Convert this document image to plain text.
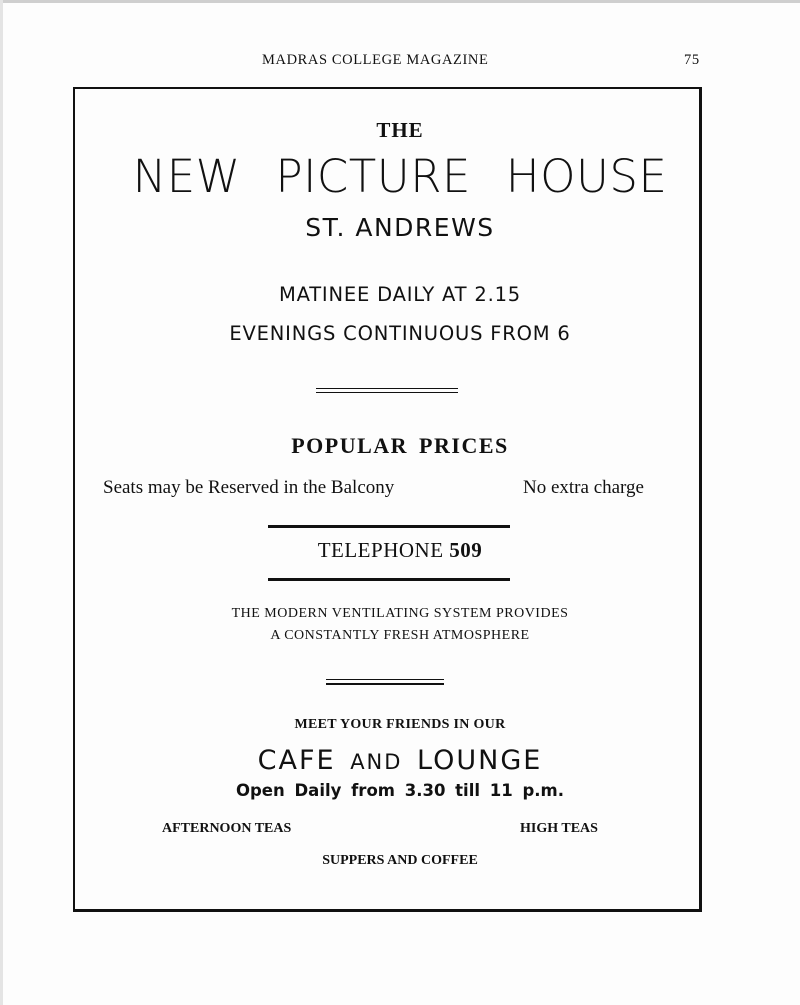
MADRAS COLLEGE MAGAZINE	75
THE
NEW PICTURE HOUSE
ST. ANDREWS
MATINEE DAILY AT 2.15
EVENINGS CONTINUOUS FROM 6
POPULAR PRICES
Seats may be Reserved in the Balcony	No extra charge
TELEPHONE 509
THE MODERN VENTILATING SYSTEM PROVIDES
A CONSTANTLY FRESH ATMOSPHERE
MEET YOUR FRIENDS IN OUR
CAFE AND LOUNGE
Open Daily from 3.30 till 11 p.m.
AFTERNOON TEAS	HIGH TEAS
SUPPERS AND COFFEE
